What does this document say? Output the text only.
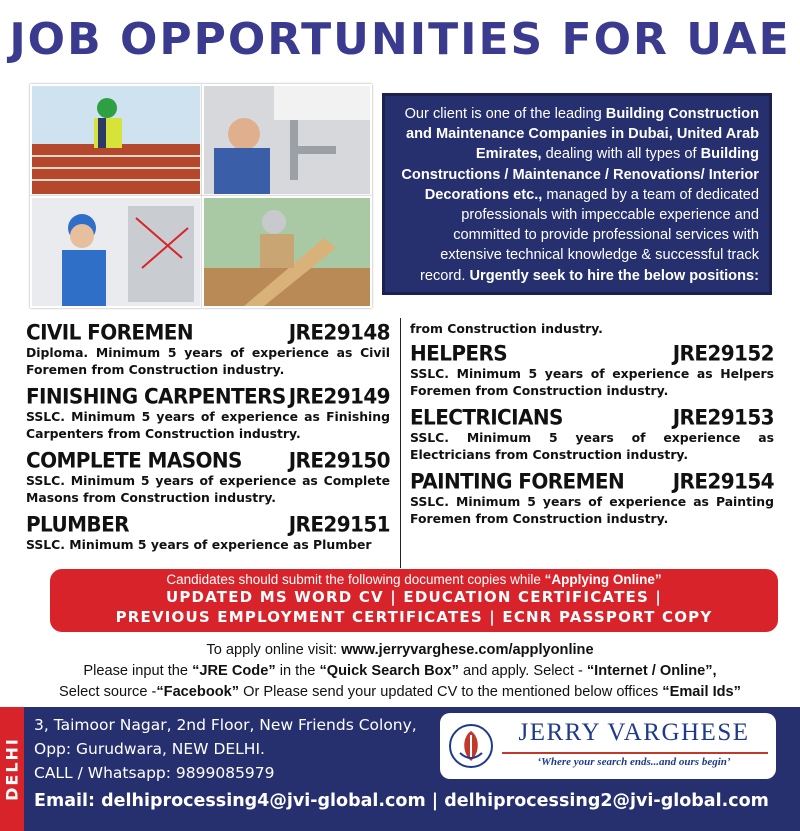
JOB OPPORTUNITIES FOR UAE

Our client is one of the leading Building Construction and Maintenance Companies in Dubai, United Arab Emirates, dealing with all types of Building Constructions / Maintenance / Renovations/ Interior Decorations etc., managed by a team of dedicated professionals with impeccable experience and committed to provide professional services with extensive technical knowledge & successful track record. Urgently seek to hire the below positions:

CIVIL FOREMEN	JRE29148
Diploma. Minimum 5 years of experience as Civil Foremen from Construction industry.
FINISHING CARPENTERS JRE29149
SSLC. Minimum 5 years of experience as Finishing Carpenters from Construction industry.
COMPLETE MASONS JRE29150
SSLC. Minimum 5 years of experience as Complete Masons from Construction industry.
PLUMBER	JRE29151
SSLC. Minimum 5 years of experience as Plumber
from Construction industry.
HELPERS	JRE29152
SSLC. Minimum 5 years of experience as Helpers Foremen from Construction industry.
ELECTRICIANS	JRE29153
SSLC. Minimum 5 years of experience as Electricians from Construction industry.
PAINTING FOREMEN JRE29154
SSLC. Minimum 5 years of experience as Painting Foremen from Construction industry.
Candidates should submit the following document copies while “Applying Online”
UPDATED MS WORD CV | EDUCATION CERTIFICATES |
PREVIOUS EMPLOYMENT CERTIFICATES | ECNR PASSPORT COPY
To apply online visit: www.jerryvarghese.com/applyonline
Please input the “JRE Code” in the “Quick Search Box” and apply. Select - “Internet / Online”,
Select source -“Facebook” Or Please send your updated CV to the mentioned below offices “Email Ids”
DELHI
3, Taimoor Nagar, 2nd Floor, New Friends Colony,
Opp: Gurudwara, NEW DELHI.
CALL / Whatsapp: 9899085979
Email: delhiprocessing4@jvi-global.com | delhiprocessing2@jvi-global.com
JERRY VARGHESE
‘Where your search ends...and ours begin’
